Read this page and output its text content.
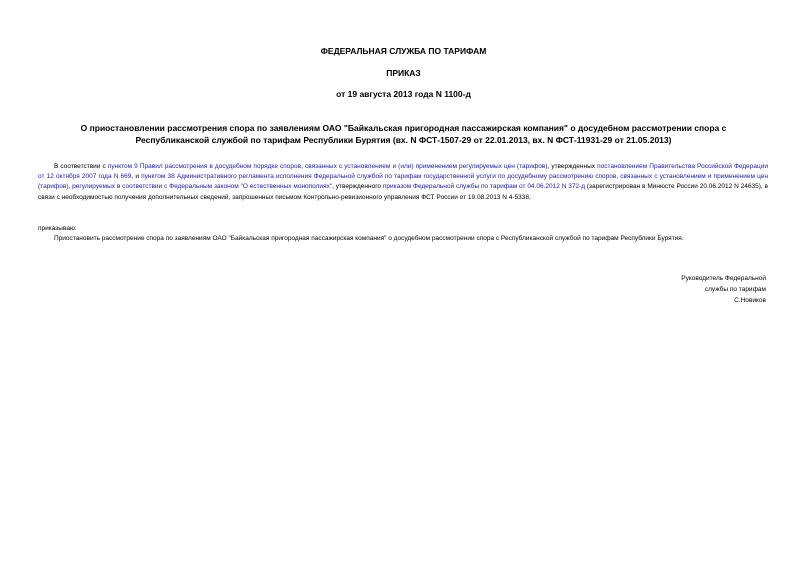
ФЕДЕРАЛЬНАЯ СЛУЖБА ПО ТАРИФАМ
ПРИКАЗ
от 19 августа 2013 года N 1100-д
О приостановлении рассмотрения спора по заявлениям ОАО "Байкальская пригородная пассажирская компания" о досудебном рассмотрении спора с Республиканской службой по тарифам Республики Бурятия (вх. N ФСТ-1507-29 от 22.01.2013, вх. N ФСТ-11931-29 от 21.05.2013)
В соответствии с пунктом 9 Правил рассмотрения в досудебном порядке споров, связанных с установлением и (или) применением регулируемых цен (тарифов), утвержденных постановлением Правительства Российской Федерации от 12 октября 2007 года N 669, и пунктом 38 Административного регламента исполнения Федеральной службой по тарифам государственной услуги по досудебному рассмотрению споров, связанных с установлением и применением цен (тарифов), регулируемых в соответствии с Федеральным законом "О естественных монополиях", утвержденного приказом Федеральной службы по тарифам от 04.06.2012 N 372-д (зарегистрирован в Минюсте России 20.06.2012 N 24635), в связи с необходимостью получения дополнительных сведений, запрошенных письмом Контрольно-ревизионного управления ФСТ России от 19.08.2013 N 4-5338,
приказываю:
Приостановить рассмотрение спора по заявлениям ОАО "Байкальская пригородная пассажирская компания" о досудебном рассмотрении спора с Республиканской службой по тарифам Республики Бурятия.
Руководитель Федеральной
службы по тарифам
С.Новиков
